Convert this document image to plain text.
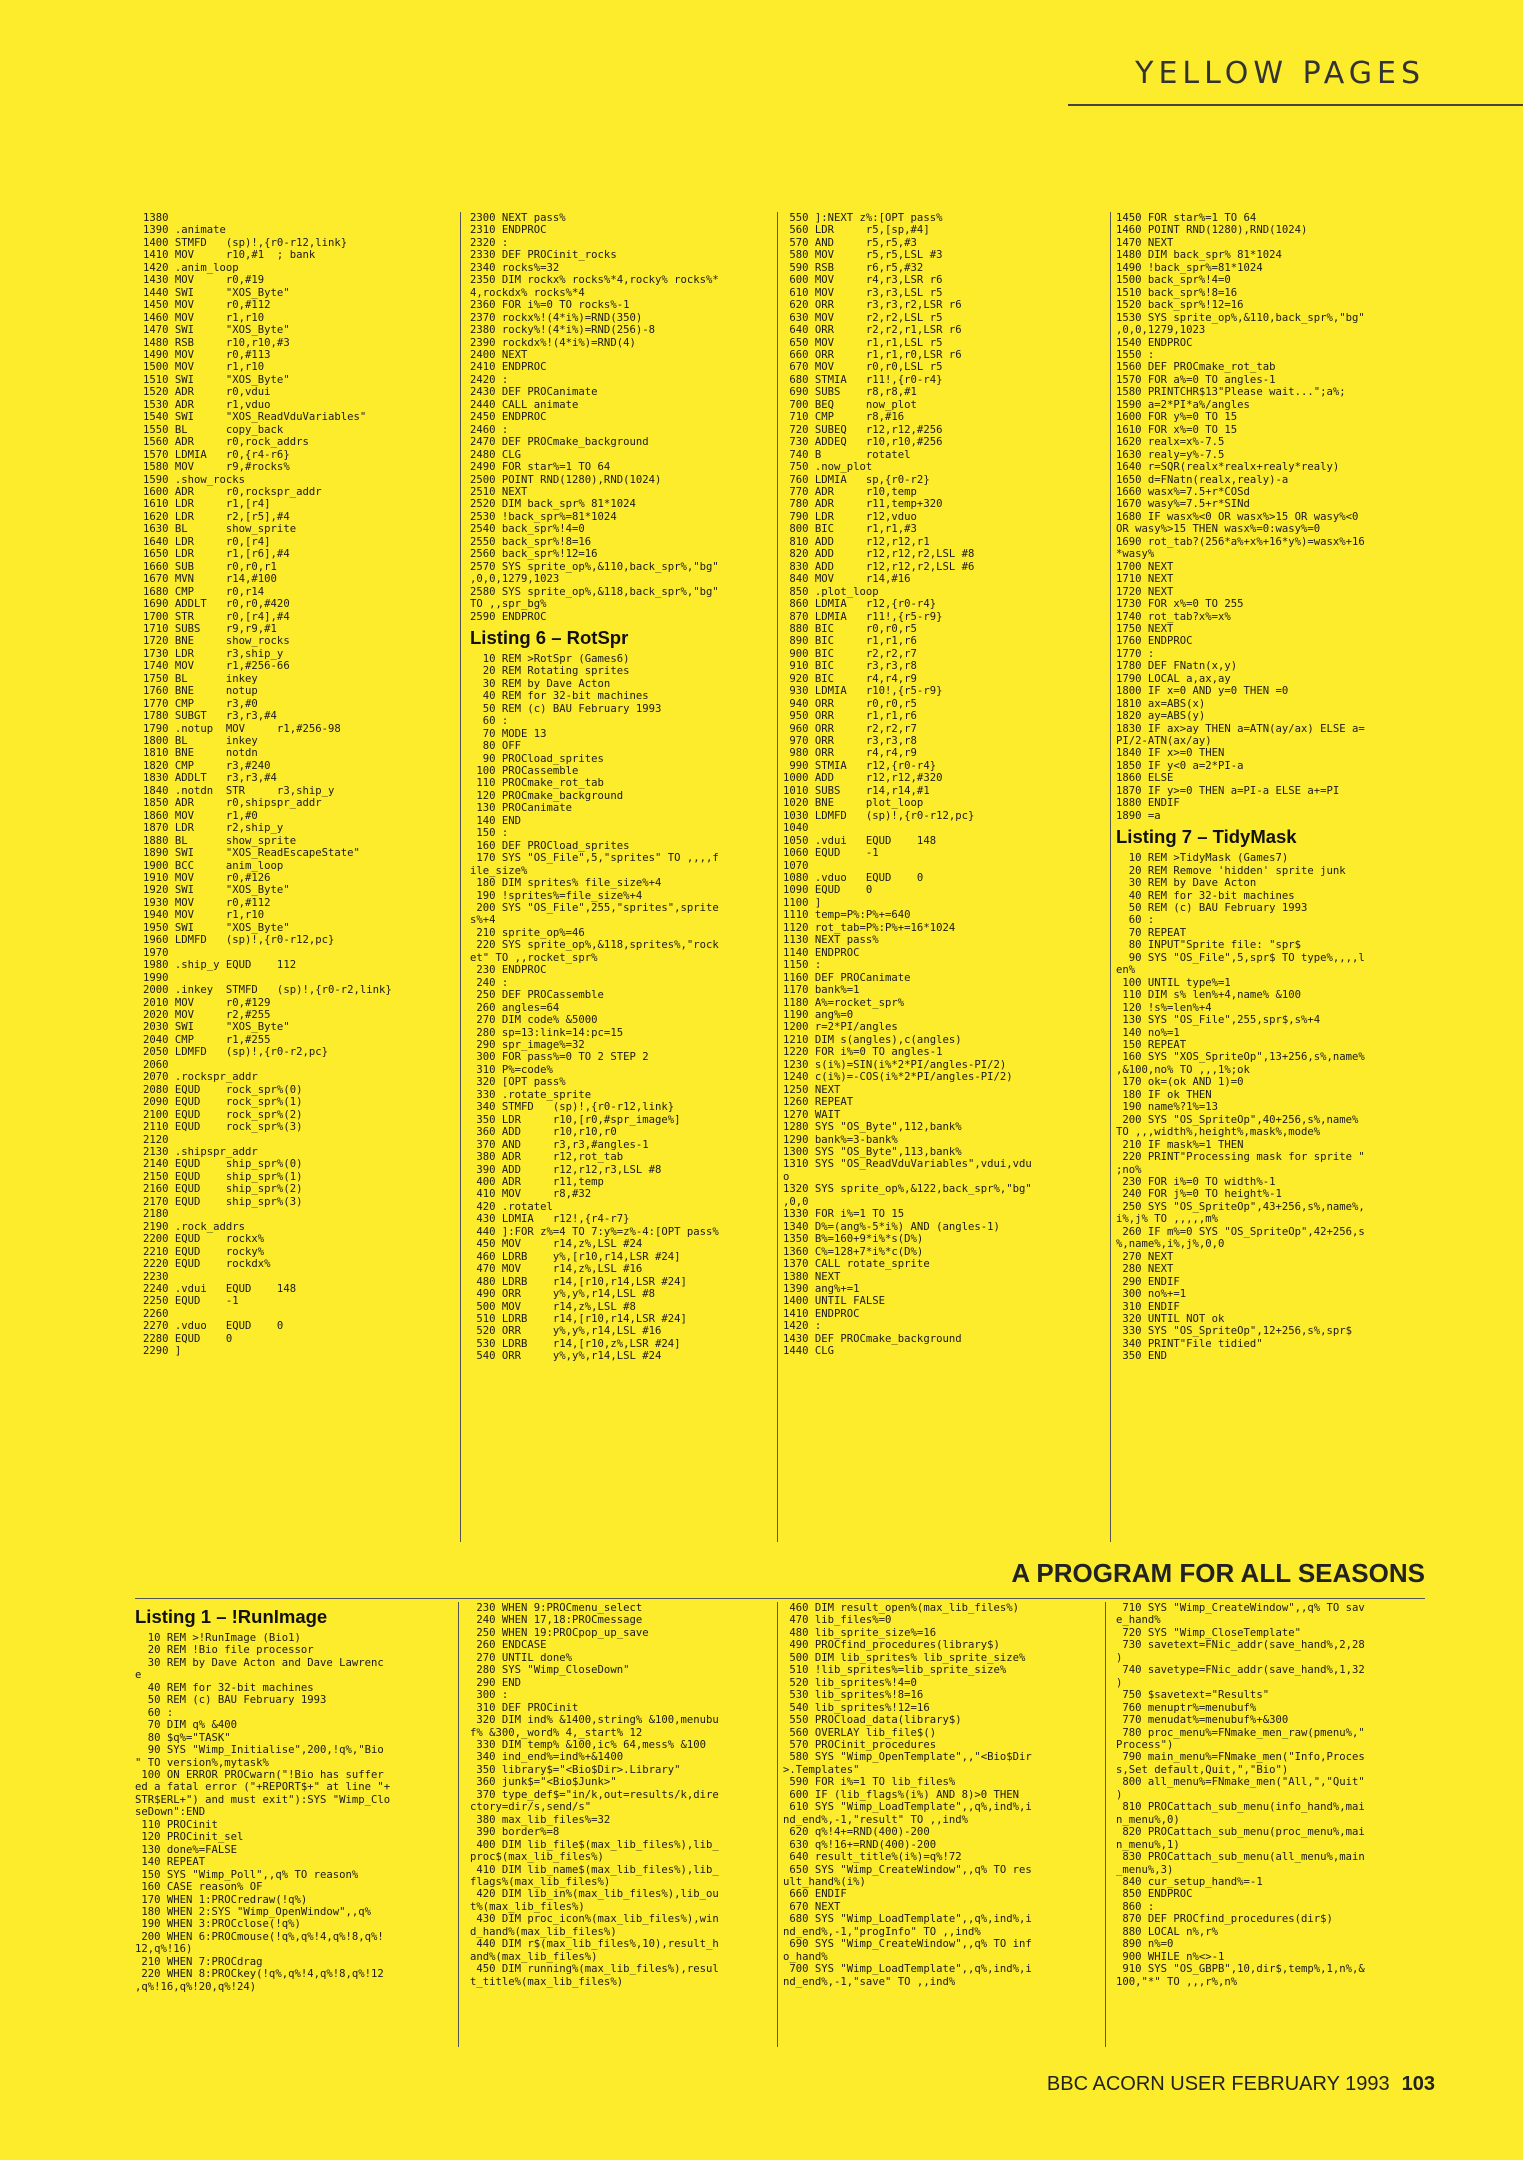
YELLOW PAGES
1380
1390 .animate
1400 STMFD   (sp)!,{r0-r12,link}
1410 MOV     r10,#1  ; bank
1420 .anim_loop
1430 MOV     r0,#19
1440 SWI     "XOS_Byte"
1450 MOV     r0,#112
1460 MOV     r1,r10
1470 SWI     "XOS_Byte"
1480 RSB     r10,r10,#3
1490 MOV     r0,#113
1500 MOV     r1,r10
1510 SWI     "XOS_Byte"
1520 ADR     r0,vdui
1530 ADR     r1,vduo
1540 SWI     "XOS_ReadVduVariables"
1550 BL      copy_back
1560 ADR     r0,rock_addrs
1570 LDMIA   r0,{r4-r6}
1580 MOV     r9,#rocks%
1590 .show_rocks
1600 ADR     r0,rockspr_addr
1610 LDR     r1,[r4]
1620 LDR     r2,[r5],#4
1630 BL      show_sprite
1640 LDR     r0,[r4]
1650 LDR     r1,[r6],#4
1660 SUB     r0,r0,r1
1670 MVN     r14,#100
1680 CMP     r0,r14
1690 ADDLT   r0,r0,#420
1700 STR     r0,[r4],#4
1710 SUBS    r9,r9,#1
1720 BNE     show_rocks
1730 LDR     r3,ship_y
1740 MOV     r1,#256-66
1750 BL      inkey
1760 BNE     notup
1770 CMP     r3,#0
1780 SUBGT   r3,r3,#4
1790 .notup  MOV     r1,#256-98
1800 BL      inkey
1810 BNE     notdn
1820 CMP     r3,#240
1830 ADDLT   r3,r3,#4
1840 .notdn  STR     r3,ship_y
1850 ADR     r0,shipspr_addr
1860 MOV     r1,#0
1870 LDR     r2,ship_y
1880 BL      show_sprite
1890 SWI     "XOS_ReadEscapeState"
1900 BCC     anim_loop
1910 MOV     r0,#126
1920 SWI     "XOS_Byte"
1930 MOV     r0,#112
1940 MOV     r1,r10
1950 SWI     "XOS_Byte"
1960 LDMFD   (sp)!,{r0-r12,pc}
1970
1980 .ship_y EQUD    112
1990
2000 .inkey  STMFD   (sp)!,{r0-r2,link}
2010 MOV     r0,#129
2020 MOV     r2,#255
2030 SWI     "XOS_Byte"
2040 CMP     r1,#255
2050 LDMFD   (sp)!,{r0-r2,pc}
2060
2070 .rockspr_addr
2080 EQUD    rock_spr%(0)
2090 EQUD    rock_spr%(1)
2100 EQUD    rock_spr%(2)
2110 EQUD    rock_spr%(3)
2120
2130 .shipspr_addr
2140 EQUD    ship_spr%(0)
2150 EQUD    ship_spr%(1)
2160 EQUD    ship_spr%(2)
2170 EQUD    ship_spr%(3)
2180
2190 .rock_addrs
2200 EQUD    rockx%
2210 EQUD    rocky%
2220 EQUD    rockdx%
2230
2240 .vdui   EQUD    148
2250 EQUD    -1
2260
2270 .vduo   EQUD    0
2280 EQUD    0
2290 ]
2300 NEXT pass%
2310 ENDPROC
2320 :
2330 DEF PROCinit_rocks
2340 rocks%=32
2350 DIM rockx% rocks%*4,rocky% rocks%*
4,rockdx% rocks%*4
2360 FOR i%=0 TO rocks%-1
2370 rockx%!(4*i%)=RND(350)
2380 rocky%!(4*i%)=RND(256)-8
2390 rockdx%!(4*i%)=RND(4)
2400 NEXT
2410 ENDPROC
2420 :
2430 DEF PROCanimate
2440 CALL animate
2450 ENDPROC
2460 :
2470 DEF PROCmake_background
2480 CLG
2490 FOR star%=1 TO 64
2500 POINT RND(1280),RND(1024)
2510 NEXT
2520 DIM back_spr% 81*1024
2530 !back_spr%=81*1024
2540 back_spr%!4=0
2550 back_spr%!8=16
2560 back_spr%!12=16
2570 SYS sprite_op%,&110,back_spr%,"bg"
,0,0,1279,1023
2580 SYS sprite_op%,&118,back_spr%,"bg"
TO ,,spr_bg%
2590 ENDPROC
Listing 6 – RotSpr
10 REM >RotSpr (Games6)
20 REM Rotating sprites
30 REM by Dave Acton
40 REM for 32-bit machines
50 REM (c) BAU February 1993
60 :
70 MODE 13
80 OFF
90 PROCload_sprites
100 PROCassemble
110 PROCmake_rot_tab
120 PROCmake_background
130 PROCanimate
140 END
150 :
160 DEF PROCload_sprites
170 SYS "OS_File",5,"sprites" TO ,,,,f
ile_size%
180 DIM sprites% file_size%+4
190 !sprites%=file_size%+4
200 SYS "OS_File",255,"sprites",sprite
s%+4
210 sprite_op%=46
220 SYS sprite_op%,&118,sprites%,"rock
et" TO ,,rocket_spr%
230 ENDPROC
240 :
250 DEF PROCassemble
260 angles=64
270 DIM code% &5000
280 sp=13:link=14:pc=15
290 spr_image%=32
300 FOR pass%=0 TO 2 STEP 2
310 P%=code%
320 [OPT pass%
330 .rotate_sprite
340 STMFD   (sp)!,{r0-r12,link}
350 LDR     r10,[r0,#spr_image%]
360 ADD     r10,r10,r0
370 AND     r3,r3,#angles-1
380 ADR     r12,rot_tab
390 ADD     r12,r12,r3,LSL #8
400 ADR     r11,temp
410 MOV     r8,#32
420 .rotatel
430 LDMIA   r12!,{r4-r7}
440 ]:FOR z%=4 TO 7:y%=z%-4:[OPT pass%
450 MOV     r14,z%,LSL #24
460 LDRB    y%,[r10,r14,LSR #24]
470 MOV     r14,z%,LSL #16
480 LDRB    r14,[r10,r14,LSR #24]
490 ORR     y%,y%,r14,LSL #8
500 MOV     r14,z%,LSL #8
510 LDRB    r14,[r10,r14,LSR #24]
520 ORR     y%,y%,r14,LSL #16
530 LDRB    r14,[r10,z%,LSR #24]
540 ORR     y%,y%,r14,LSL #24
550 ]:NEXT z%:[OPT pass%
560 LDR     r5,[sp,#4]
570 AND     r5,r5,#3
580 MOV     r5,r5,LSL #3
590 RSB     r6,r5,#32
600 MOV     r4,r3,LSR r6
610 MOV     r3,r3,LSL r5
620 ORR     r3,r3,r2,LSR r6
630 MOV     r2,r2,LSL r5
640 ORR     r2,r2,r1,LSR r6
650 MOV     r1,r1,LSL r5
660 ORR     r1,r1,r0,LSR r6
670 MOV     r0,r0,LSL r5
680 STMIA   r11!,{r0-r4}
690 SUBS    r8,r8,#1
700 BEQ     now_plot
710 CMP     r8,#16
720 SUBEQ   r12,r12,#256
730 ADDEQ   r10,r10,#256
740 B       rotatel
750 .now_plot
760 LDMIA   sp,{r0-r2}
770 ADR     r10,temp
780 ADR     r11,temp+320
790 LDR     r12,vduo
800 BIC     r1,r1,#3
810 ADD     r12,r12,r1
820 ADD     r12,r12,r2,LSL #8
830 ADD     r12,r12,r2,LSL #6
840 MOV     r14,#16
850 .plot_loop
860 LDMIA   r12,{r0-r4}
870 LDMIA   r11!,{r5-r9}
880 BIC     r0,r0,r5
890 BIC     r1,r1,r6
900 BIC     r2,r2,r7
910 BIC     r3,r3,r8
920 BIC     r4,r4,r9
930 LDMIA   r10!,{r5-r9}
940 ORR     r0,r0,r5
950 ORR     r1,r1,r6
960 ORR     r2,r2,r7
970 ORR     r3,r3,r8
980 ORR     r4,r4,r9
990 STMIA   r12,{r0-r4}
1000 ADD     r12,r12,#320
1010 SUBS    r14,r14,#1
1020 BNE     plot_loop
1030 LDMFD   (sp)!,{r0-r12,pc}
1040
1050 .vdui   EQUD    148
1060 EQUD    -1
1070
1080 .vduo   EQUD    0
1090 EQUD    0
1100 ]
1110 temp=P%:P%+=640
1120 rot_tab=P%:P%+=16*1024
1130 NEXT pass%
1140 ENDPROC
1150 :
1160 DEF PROCanimate
1170 bank%=1
1180 A%=rocket_spr%
1190 ang%=0
1200 r=2*PI/angles
1210 DIM s(angles),c(angles)
1220 FOR i%=0 TO angles-1
1230 s(i%)=SIN(i%*2*PI/angles-PI/2)
1240 c(i%)=-COS(i%*2*PI/angles-PI/2)
1250 NEXT
1260 REPEAT
1270 WAIT
1280 SYS "OS_Byte",112,bank%
1290 bank%=3-bank%
1300 SYS "OS_Byte",113,bank%
1310 SYS "OS_ReadVduVariables",vdui,vdu
o
1320 SYS sprite_op%,&122,back_spr%,"bg"
,0,0
1330 FOR i%=1 TO 15
1340 D%=(ang%-5*i%) AND (angles-1)
1350 B%=160+9*i%*s(D%)
1360 C%=128+7*i%*c(D%)
1370 CALL rotate_sprite
1380 NEXT
1390 ang%+=1
1400 UNTIL FALSE
1410 ENDPROC
1420 :
1430 DEF PROCmake_background
1440 CLG
1450 FOR star%=1 TO 64
1460 POINT RND(1280),RND(1024)
1470 NEXT
1480 DIM back_spr% 81*1024
1490 !back_spr%=81*1024
1500 back_spr%!4=0
1510 back_spr%!8=16
1520 back_spr%!12=16
1530 SYS sprite_op%,&110,back_spr%,"bg"
,0,0,1279,1023
1540 ENDPROC
1550 :
1560 DEF PROCmake_rot_tab
1570 FOR a%=0 TO angles-1
1580 PRINTCHR$13"Please wait...";a%;
1590 a=2*PI*a%/angles
1600 FOR y%=0 TO 15
1610 FOR x%=0 TO 15
1620 realx=x%-7.5
1630 realy=y%-7.5
1640 r=SQR(realx*realx+realy*realy)
1650 d=FNatn(realx,realy)-a
1660 wasx%=7.5+r*COSd
1670 wasy%=7.5+r*SINd
1680 IF wasx%<0 OR wasx%>15 OR wasy%<0
OR wasy%>15 THEN wasx%=0:wasy%=0
1690 rot_tab?(256*a%+x%+16*y%)=wasx%+16
*wasy%
1700 NEXT
1710 NEXT
1720 NEXT
1730 FOR x%=0 TO 255
1740 rot_tab?x%=x%
1750 NEXT
1760 ENDPROC
1770 :
1780 DEF FNatn(x,y)
1790 LOCAL a,ax,ay
1800 IF x=0 AND y=0 THEN =0
1810 ax=ABS(x)
1820 ay=ABS(y)
1830 IF ax>ay THEN a=ATN(ay/ax) ELSE a=
PI/2-ATN(ax/ay)
1840 IF x>=0 THEN
1850 IF y<0 a=2*PI-a
1860 ELSE
1870 IF y>=0 THEN a=PI-a ELSE a+=PI
1880 ENDIF
1890 =a
Listing 7 – TidyMask
10 REM >TidyMask (Games7)
20 REM Remove 'hidden' sprite junk
30 REM by Dave Acton
40 REM for 32-bit machines
50 REM (c) BAU February 1993
60 :
70 REPEAT
80 INPUT"Sprite file: "spr$
90 SYS "OS_File",5,spr$ TO type%,,,,l
en%
100 UNTIL type%=1
110 DIM s% len%+4,name% &100
120 !s%=len%+4
130 SYS "OS_File",255,spr$,s%+4
140 no%=1
150 REPEAT
160 SYS "XOS_SpriteOp",13+256,s%,name%
,&100,no% TO ,,,1%;ok
170 ok=(ok AND 1)=0
180 IF ok THEN
190 name%?1%=13
200 SYS "OS_SpriteOp",40+256,s%,name%
TO ,,,width%,height%,mask%,mode%
210 IF mask%=1 THEN
220 PRINT"Processing mask for sprite "
;no%
230 FOR i%=0 TO width%-1
240 FOR j%=0 TO height%-1
250 SYS "OS_SpriteOp",43+256,s%,name%,
i%,j% TO ,,,,,m%
260 IF m%=0 SYS "OS_SpriteOp",42+256,s
%,name%,i%,j%,0,0
270 NEXT
280 NEXT
290 ENDIF
300 no%+=1
310 ENDIF
320 UNTIL NOT ok
330 SYS "OS_SpriteOp",12+256,s%,spr$
340 PRINT"File tidied"
350 END
A PROGRAM FOR ALL SEASONS
Listing 1 – !RunImage
10 REM >!RunImage (Bio1)
20 REM !Bio file processor
30 REM by Dave Acton and Dave Lawrenc
e
40 REM for 32-bit machines
50 REM (c) BAU February 1993
60 :
70 DIM q% &400
80 $q%="TASK"
90 SYS "Wimp_Initialise",200,!q%,"Bio
" TO version%,mytask%
100 ON ERROR PROCwarn("!Bio has suffer
ed a fatal error ("+REPORT$+" at line "+
STR$ERL+") and must exit"):SYS "Wimp_Clo
seDown":END
110 PROCinit
120 PROCinit_sel
130 done%=FALSE
140 REPEAT
150 SYS "Wimp_Poll",,q% TO reason%
160 CASE reason% OF
170 WHEN 1:PROCredraw(!q%)
180 WHEN 2:SYS "Wimp_OpenWindow",,q%
190 WHEN 3:PROCclose(!q%)
200 WHEN 6:PROCmouse(!q%,q%!4,q%!8,q%!
12,q%!16)
210 WHEN 7:PROCdrag
220 WHEN 8:PROCkey(!q%,q%!4,q%!8,q%!12
,q%!16,q%!20,q%!24)
230 WHEN 9:PROCmenu_select
240 WHEN 17,18:PROCmessage
250 WHEN 19:PROCpop_up_save
260 ENDCASE
270 UNTIL done%
280 SYS "Wimp_CloseDown"
290 END
300 :
310 DEF PROCinit
320 DIM ind% &1400,string% &100,menubu
f% &300,_word% 4,_start% 12
330 DIM temp% &100,ic% 64,mess% &100
340 ind_end%=ind%+&1400
350 library$="<Bio$Dir>.Library"
360 junk$="<Bio$Junk>"
370 type_def$="in/k,out=results/k,dire
ctory=dir/s,send/s"
380 max_lib_files%=32
390 border%=8
400 DIM lib_file$(max_lib_files%),lib_
proc$(max_lib_files%)
410 DIM lib_name$(max_lib_files%),lib_
flags%(max_lib_files%)
420 DIM lib_in%(max_lib_files%),lib_ou
t%(max_lib_files%)
430 DIM proc_icon%(max_lib_files%),win
d_hand%(max_lib_files%)
440 DIM r$(max_lib_files%,10),result_h
and%(max_lib_files%)
450 DIM running%(max_lib_files%),resul
t_title%(max_lib_files%)
460 DIM result_open%(max_lib_files%)
470 lib_files%=0
480 lib_sprite_size%=16
490 PROCfind_procedures(library$)
500 DIM lib_sprites% lib_sprite_size%
510 !lib_sprites%=lib_sprite_size%
520 lib_sprites%!4=0
530 lib_sprites%!8=16
540 lib_sprites%!12=16
550 PROCload_data(library$)
560 OVERLAY lib_file$()
570 PROCinit_procedures
580 SYS "Wimp_OpenTemplate",,"<Bio$Dir
>.Templates"
590 FOR i%=1 TO lib_files%
600 IF (lib_flags%(i%) AND 8)>0 THEN
610 SYS "Wimp_LoadTemplate",,q%,ind%,i
nd_end%,-1,"result" TO ,,ind%
620 q%!4+=RND(400)-200
630 q%!16+=RND(400)-200
640 result_title%(i%)=q%!72
650 SYS "Wimp_CreateWindow",,q% TO res
ult_hand%(i%)
660 ENDIF
670 NEXT
680 SYS "Wimp_LoadTemplate",,q%,ind%,i
nd_end%,-1,"progInfo" TO ,,ind%
690 SYS "Wimp_CreateWindow",,q% TO inf
o_hand%
700 SYS "Wimp_LoadTemplate",,q%,ind%,i
nd_end%,-1,"save" TO ,,ind%
710 SYS "Wimp_CreateWindow",,q% TO sav
e_hand%
720 SYS "Wimp_CloseTemplate"
730 savetext=FNic_addr(save_hand%,2,28
)
740 savetype=FNic_addr(save_hand%,1,32
)
750 $savetext="Results"
760 menuptr%=menubuf%
770 menudat%=menubuf%+&300
780 proc_menu%=FNmake_men_raw(pmenu%,"
Process")
790 main_menu%=FNmake_men("Info,Proces
s,Set default,Quit,","Bio")
800 all_menu%=FNmake_men("All,","Quit"
)
810 PROCattach_sub_menu(info_hand%,mai
n_menu%,0)
820 PROCattach_sub_menu(proc_menu%,mai
n_menu%,1)
830 PROCattach_sub_menu(all_menu%,main
_menu%,3)
840 cur_setup_hand%=-1
850 ENDPROC
860 :
870 DEF PROCfind_procedures(dir$)
880 LOCAL n%,r%
890 n%=0
900 WHILE n%<>-1
910 SYS "OS_GBPB",10,dir$,temp%,1,n%,&
100,"*" TO ,,,r%,n%
BBC ACORN USER FEBRUARY 1993 103
